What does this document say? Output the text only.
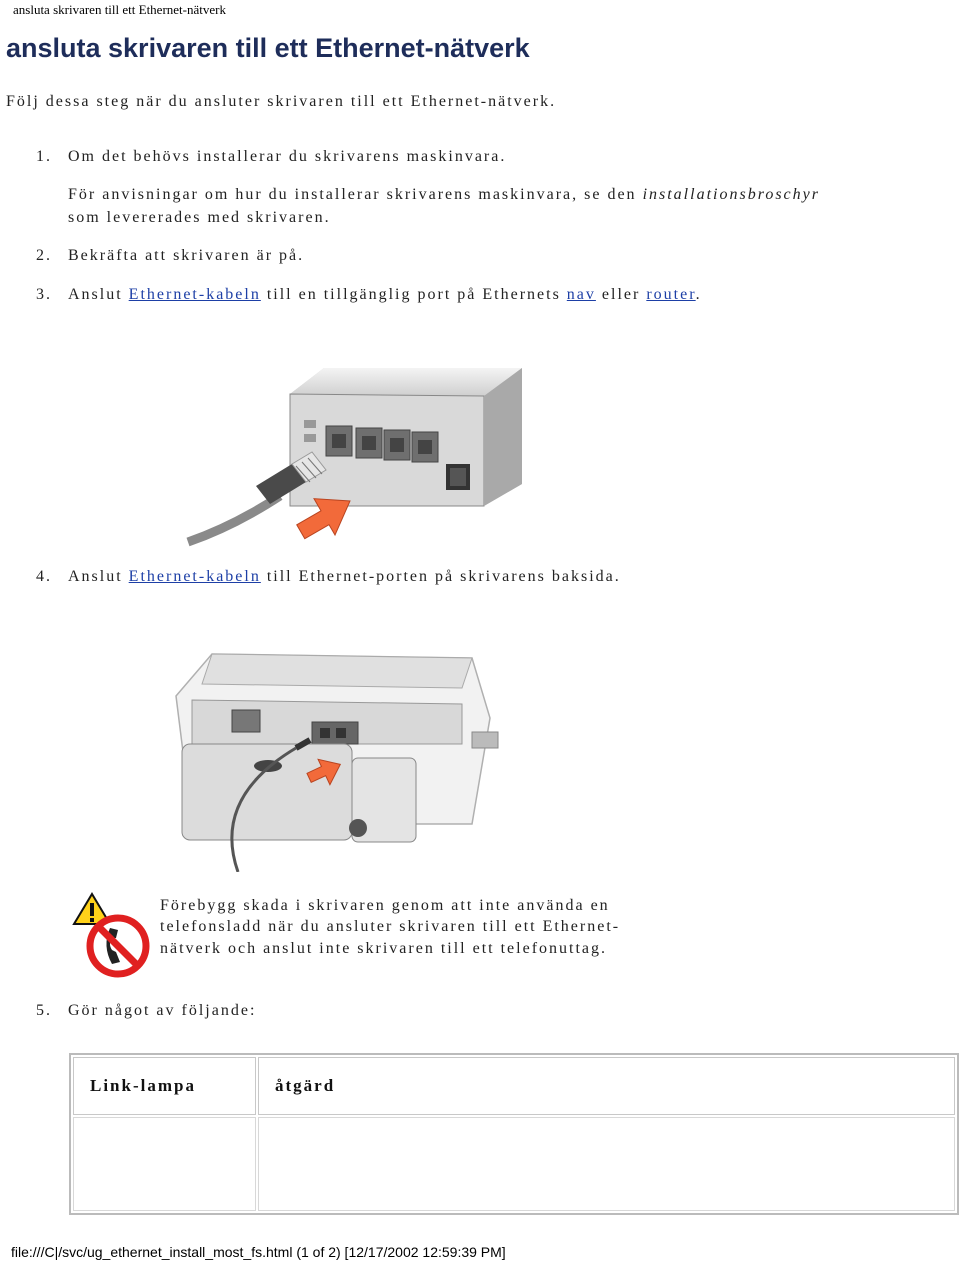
ansluta skrivaren till ett Ethernet-nätverk
ansluta skrivaren till ett Ethernet-nätverk
Följ dessa steg när du ansluter skrivaren till ett Ethernet-nätverk.
1. Om det behövs installerar du skrivarens maskinvara.
För anvisningar om hur du installerar skrivarens maskinvara, se den installationsbroschyr
som levererades med skrivaren.
2. Bekräfta att skrivaren är på.
3. Anslut Ethernet-kabeln till en tillgänglig port på Ethernets nav eller router.
4. Anslut Ethernet-kabeln till Ethernet-porten på skrivarens baksida.
Förebygg skada i skrivaren genom att inte använda en
telefonsladd när du ansluter skrivaren till ett Ethernet-
nätverk och anslut inte skrivaren till ett telefonuttag.
5. Gör något av följande:
Link-lampa	åtgärd

file:///C|/svc/ug_ethernet_install_most_fs.html (1 of 2) [12/17/2002 12:59:39 PM]
